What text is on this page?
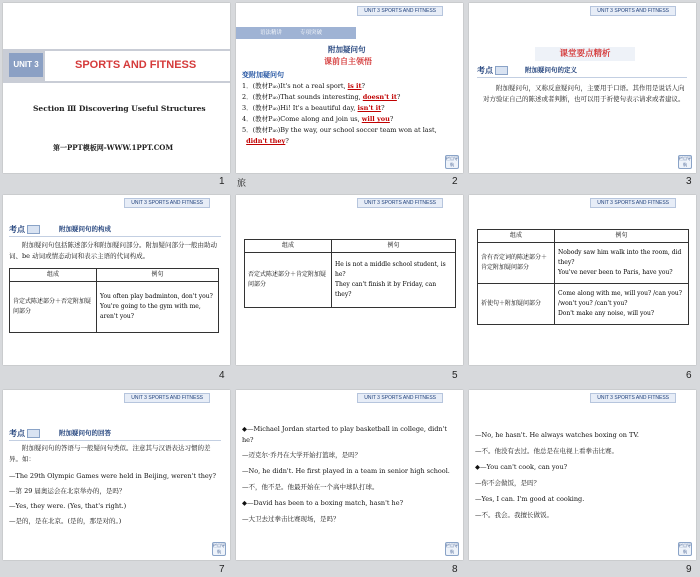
UNIT 3	SPORTS AND FITNESS
Section Ⅲ Discovering Useful Structures
第一PPT模板网-WWW.1PPT.COM
1 旅
UNIT 3 SPORTS AND FITNESS
语法精讲	专项突破
附加疑问句
课前自主领悟
变附加疑问句
1．(教材P₄₀)It's not a real sport, is it?
2．(教材P₄₀)That sounds interesting, doesn't it?
3．(教材P₄₀)Hi! It's a beautiful day, isn't it?
4．(教材P₄₀)Come along and join us, will you?
5．(教材P₄₀)By the way, our school soccer team won at last,
didn't they?
栏目导航
2
UNIT 3 SPORTS AND FITNESS
课堂要点精析
考点	附加疑问句的定义
附加疑问句，又称反意疑问句，主要用于口语。其作用是说话人向对方验证自己的陈述或者判断，也可以用于祈使句表示请求或者建议。
栏目导航
3
UNIT 3 SPORTS AND FITNESS
考点	附加疑问句的构成
附加疑问句包括陈述部分和附加疑问部分。附加疑问部分一般由助动词、be 动词或情态动词和表示主语的代词构成。
组成	例句
肯定式陈述部分＋否定附加疑问部分	You often play badminton, don't you?
You're going to the gym with me, aren't you?
4
UNIT 3 SPORTS AND FITNESS
组成	例句
否定式陈述部分＋肯定附加疑问部分	He is not a middle school student, is he?
They can't finish it by Friday, can they?
5
UNIT 3 SPORTS AND FITNESS
组成	例句
含有否定词的陈述部分＋肯定附加疑问部分	Nobody saw him walk into the room, did they?
You've never been to Paris, have you?

祈使句＋附加疑问部分	Come along with me, will you? /can you? /won't you? /can't you?
Don't make any noise, will you?
6
UNIT 3 SPORTS AND FITNESS
考点	附加疑问句的回答
附加疑问句的答语与一般疑问句类似。注意其与汉语表达习惯的差异。如：
—The 29th Olympic Games were held in Beijing, weren't they?
—第 29 届奥运会在北京举办的，是吗？
—Yes, they were. (Yes, that's right.)
—是的，是在北京。(是的，那是对的。)
栏目导航
7
UNIT 3 SPORTS AND FITNESS
◆—Michael Jordan started to play basketball in college, didn't he?
—迈克尔·乔丹在大学开始打篮球，是吗？
—No, he didn't. He first played in a team in senior high school.
—不，他不是。他最开始在一个高中球队打球。
◆—David has been to a boxing match, hasn't he?
—大卫去过拳击比赛现场，是吗？
栏目导航
8
UNIT 3 SPORTS AND FITNESS
—No, he hasn't. He always watches boxing on TV.
—不。他没有去过。他总是在电视上看拳击比赛。
◆—You can't cook, can you?
—你不会做饭，是吗？
—Yes, I can. I'm good at cooking.
—不。我会。我擅长做饭。
栏目导航
9
